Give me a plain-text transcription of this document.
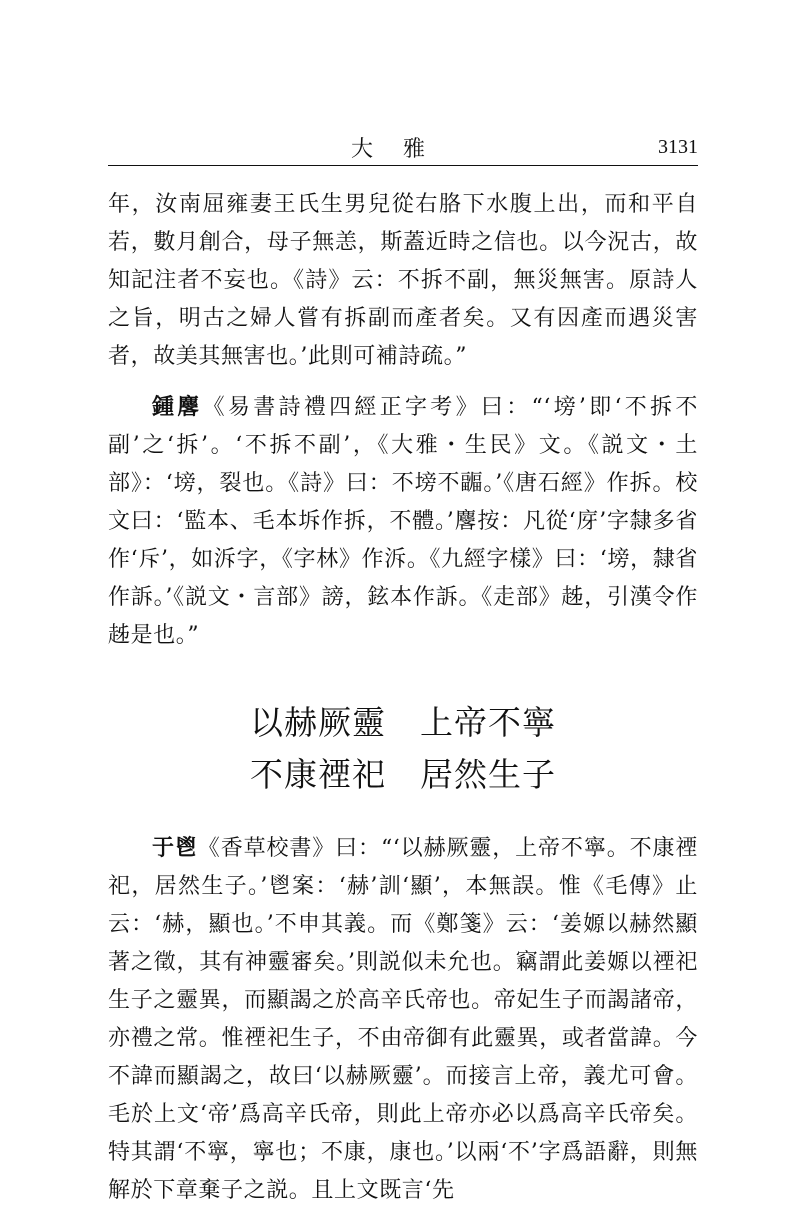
大雅	3131

年，汝南屈雍妻王氏生男兒從右胳下水腹上出，而和平自若，數月創合，母子無恙，斯蓋近時之信也。以今況古，故知記注者不妄也。《詩》云：不拆不副，無災無害。原詩人之旨，明古之婦人嘗有拆副而產者矣。又有因產而遇災害者，故美其無害也。’此則可補詩疏。”

鍾麐《易書詩禮四經正字考》曰：“‘塝’即‘不拆不副’之‘拆’。‘不拆不副’，《大雅・生民》文。《説文・土部》：‘塝，裂也。《詩》曰：不塝不疈。’《唐石經》作拆。校文曰：‘監本、毛本坼作拆，不體。’麐按：凡從‘庌’字隸多省作‘斥’，如泝字，《字林》作泝。《九經字樣》曰：‘塝，隸省作訴。’《説文・言部》謗，鉉本作訴。《走部》趀，引漢令作趀是也。”

以赫厥靈　上帝不寧
不康禋祀　居然生子

于鬯《香草校書》曰：“‘以赫厥靈，上帝不寧。不康禋祀，居然生子。’鬯案：‘赫’訓‘顯’，本無誤。惟《毛傳》止云：‘赫，顯也。’不申其義。而《鄭箋》云：‘姜嫄以赫然顯著之徵，其有神靈審矣。’則説似未允也。竊謂此姜嫄以禋祀生子之靈異，而顯謁之於高辛氏帝也。帝妃生子而謁諸帝，亦禮之常。惟禋祀生子，不由帝御有此靈異，或者當諱。今不諱而顯謁之，故曰‘以赫厥靈’。而接言上帝，義尤可會。毛於上文‘帝’爲高辛氏帝，則此上帝亦必以爲高辛氏帝矣。特其謂‘不寧，寧也；不康，康也。’以兩‘不’字爲語辭，則無解於下章棄子之説。且上文既言‘先
